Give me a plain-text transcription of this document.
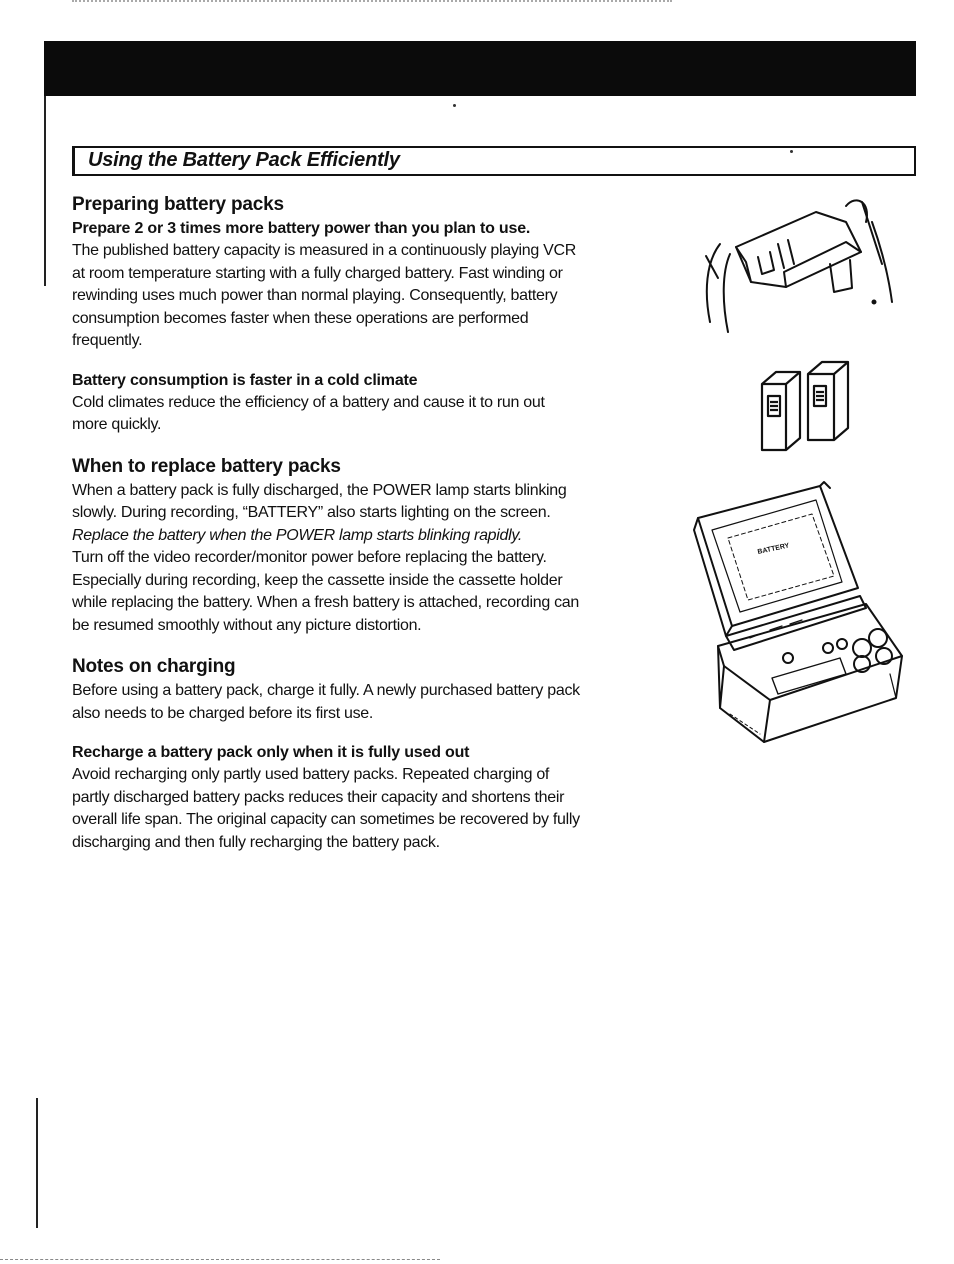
Using the Battery Pack Efficiently

Preparing battery packs

Prepare 2 or 3 times more battery power than you plan to use.

The published battery capacity is measured in a continuously playing VCR

at room temperature starting with a fully charged battery. Fast winding or

rewinding uses much power than normal playing. Consequently, battery

consumption becomes faster when these operations are performed

frequently.

Battery consumption is faster in a cold climate

Cold climates reduce the efficiency of a battery and cause it to run out

more quickly.

When to replace battery packs

When a battery pack is fully discharged, the POWER lamp starts blinking

slowly. During recording, “BATTERY” also starts lighting on the screen.

Replace the battery when the POWER lamp starts blinking rapidly.

Turn off the video recorder/monitor power before replacing the battery.

Especially during recording, keep the cassette inside the cassette holder

while replacing the battery. When a fresh battery is attached, recording can

be resumed smoothly without any picture distortion.

Notes on charging

Before using a battery pack, charge it fully. A newly purchased battery pack

also needs to be charged before its first use.

Recharge a battery pack only when it is fully used out

Avoid recharging only partly used battery packs. Repeated charging of

partly discharged battery packs reduces their capacity and shortens their

overall life span. The original capacity can sometimes be recovered by fully

discharging and then fully recharging the battery pack.

BATTERY
